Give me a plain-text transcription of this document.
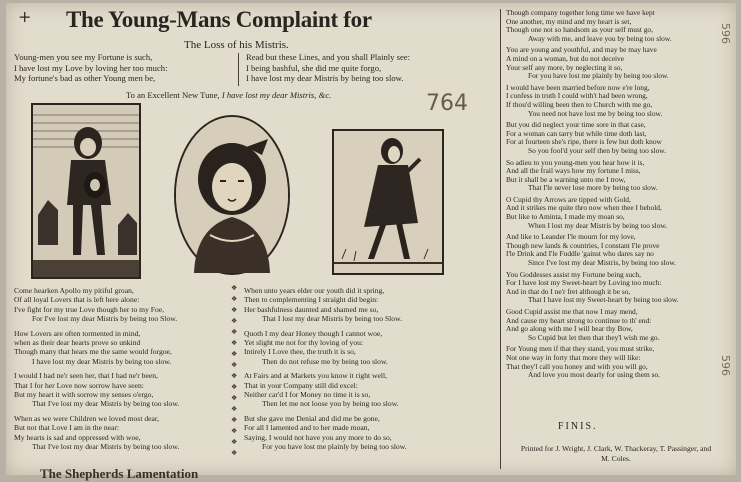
+ The Young-Mans Complaint for
The Loss of his Mistris.
Young-men you see my Fortune is such,
I have lost my Love by loving her too much:
My fortune's bad as other Young men be,
Read but these Lines, and you shall Plainly see:
I being bashful, she did me quite forgo,
I have lost my dear Mistris by being too slow.
To an Excellent New Tune, I have lost my dear Mistris, &c.	764
Come hearken Apollo my pitiful groan,
Of all loyal Lovers that is left here alone:
I've fight for my true Love though her to my Foe,
For I've lost my dear Mistris by being too Slow.
How Lovers are often tormented in mind,
when as their dear hearts prove so unkind
Though many that hears me the same would forgoe,
I have lost my dear Mistris by being too slow.
I would I had ne'r seen her, that I had ne'r been,
That I for her Love now sorrow have seen:
But my heart it with sorrow my senses o'ergo,
That I've lost my dear Mistris by being too slow.
When as we were Children we loved most dear,
But not that Love I am in the near:
My hearts is sad and oppressed with woe,
That I've lost my dear Mistris by being too slow.
❖
❖
❖
❖
❖
❖
❖
❖
❖
❖
❖
❖
❖
❖
❖
❖
When unto years elder our youth did it spring,
Then to complementing I straight did begin:
Her bashfulness daunted and shamed me so,
That I lost my dear Mistris by being too Slow.
Quoth I my dear Honey though I cannot woe,
Yet slight me not for thy loving of you:
Intirely I Love thee, the truth it is so,
Then do not refuse me by being too slow.
At Fairs and at Markets you know it right well,
That in your Company still did excel:
Neither car'd I for Money no time it is so,
Then let me not loose you by being too slow.
But she gave me Denial and did me be gone,
For all I lamented and to her made moan,
Saying, I would not have you any more to do so,
For you have lost me plainly by being too slow.
Though company together long time we have kept
One another, my mind and my heart is set,
Though one not so handsom as your self must go,
Away with me, and leave you by being too slow.
You are young and youthful, and may be may have
A mind on a woman, but do not deceive
Your self any more, by neglecting it so,
For you have lost me plainly by being too slow.
I would have been married before now e're long,
I confess in truth I could with't had been wrong,
If thou'd willing been then to Church with me go,
You need not have lost me by being too slow.
But you did neglect your time sore in that case,
For a woman can tarry but while time doth last,
For at fourteen she's ripe, there is few but doth know
So you fool'd your self then by being too slow.
So adieu to you young-men you hear how it is,
And all the frail ways how my fortune I miss,
But it shall be a warning unto me I trow,
That I'le never lose more by being too slow.
O Cupid thy Arrows are tipped with Gold,
And it strikes me quite thro now when thee I behold,
But like to Aminta, I made my moan so,
When I lost my dear Mistris by being too slow.
And like to Leander I'le mourn for my love,
Though new lands & countries, I constant I'le prove
I'le Drink and I'le Fuddle 'gainst who dares say no
Since I've lost my dear Mistris, by being too slow.
You Goddesses assist my Fortune being such,
For I have lost my Sweet-heart by Loving too much:
And in that do I ne'r fret although it be so,
That I have lost my Sweet-heart by being too slow.
Good Cupid assist me that now I may mend,
And cause my heart strong to continue to th' end:
And go along with me I will bear thy Bow,
So Cupid but let then that they'l wish me go.
For Young men if that they stand, you must strike,
Not one way in forty that more they will like:
That they'l call you honey and with you will go,
And love you most dearly for using them so.
FINIS.
Printed for J. Wright, J. Clark, W. Thackeray, T. Passinger, and M. Coles.
596
596
The Shepherds Lamentation
